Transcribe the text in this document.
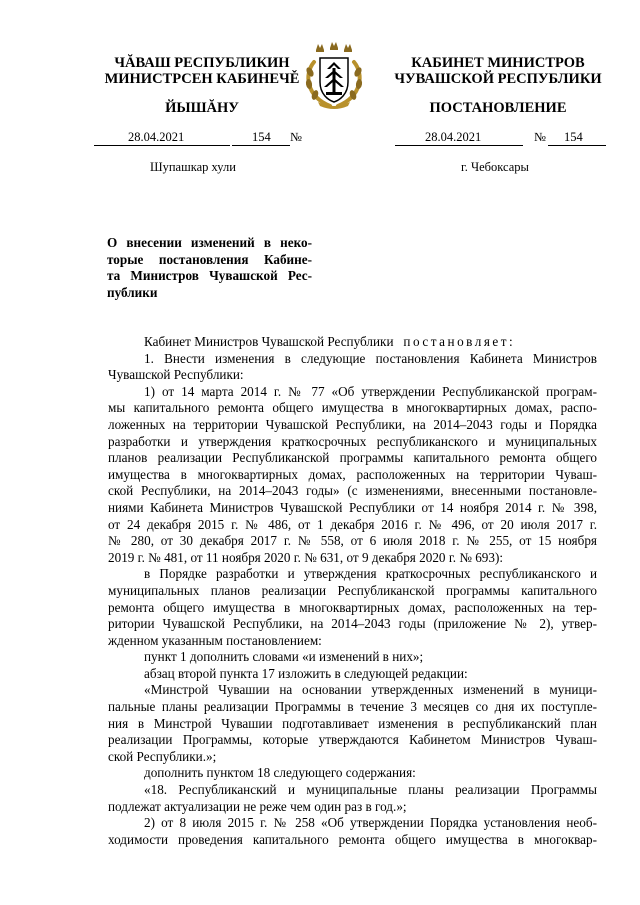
ЧĂВАШ РЕСПУБЛИКИН
МИНИСТРСЕН КАБИНЕЧĚ
ЙЫШĂНУ
КАБИНЕТ МИНИСТРОВ
ЧУВАШСКОЙ РЕСПУБЛИКИ
ПОСТАНОВЛЕНИЕ
28.04.2021	154 №	28.04.2021	№ 154
Шупашкар хули	г. Чебоксары
О внесении изменений в неко-
торые постановления Кабине-
та Министров Чувашской Рес-
публики
Кабинет Министров Чувашской Республики постановляет:
1. Внести изменения в следующие постановления Кабинета Министров
Чувашской Республики:
1) от 14 марта 2014 г. № 77 «Об утверждении Республиканской програм-
мы капитального ремонта общего имущества в многоквартирных домах, распо-
ложенных на территории Чувашской Республики, на 2014–2043 годы и Порядка
разработки и утверждения краткосрочных республиканского и муниципальных
планов реализации Республиканской программы капитального ремонта общего
имущества в многоквартирных домах, расположенных на территории Чуваш-
ской Республики, на 2014–2043 годы» (с изменениями, внесенными постановле-
ниями Кабинета Министров Чувашской Республики от 14 ноября 2014 г. № 398,
от 24 декабря 2015 г. № 486, от 1 декабря 2016 г. № 496, от 20 июля 2017 г.
№ 280, от 30 декабря 2017 г. № 558, от 6 июля 2018 г. № 255, от 15 ноября
2019 г. № 481, от 11 ноября 2020 г. № 631, от 9 декабря 2020 г. № 693):
в Порядке разработки и утверждения краткосрочных республиканского и
муниципальных планов реализации Республиканской программы капитального
ремонта общего имущества в многоквартирных домах, расположенных на тер-
ритории Чувашской Республики, на 2014–2043 годы (приложение № 2), утвер-
жденном указанным постановлением:
пункт 1 дополнить словами «и изменений в них»;
абзац второй пункта 17 изложить в следующей редакции:
«Минстрой Чувашии на основании утвержденных изменений в муници-
пальные планы реализации Программы в течение 3 месяцев со дня их поступле-
ния в Минстрой Чувашии подготавливает изменения в республиканский план
реализации Программы, которые утверждаются Кабинетом Министров Чуваш-
ской Республики.»;
дополнить пунктом 18 следующего содержания:
«18. Республиканский и муниципальные планы реализации Программы
подлежат актуализации не реже чем один раз в год.»;
2) от 8 июля 2015 г. № 258 «Об утверждении Порядка установления необ-
ходимости проведения капитального ремонта общего имущества в многоквар-
